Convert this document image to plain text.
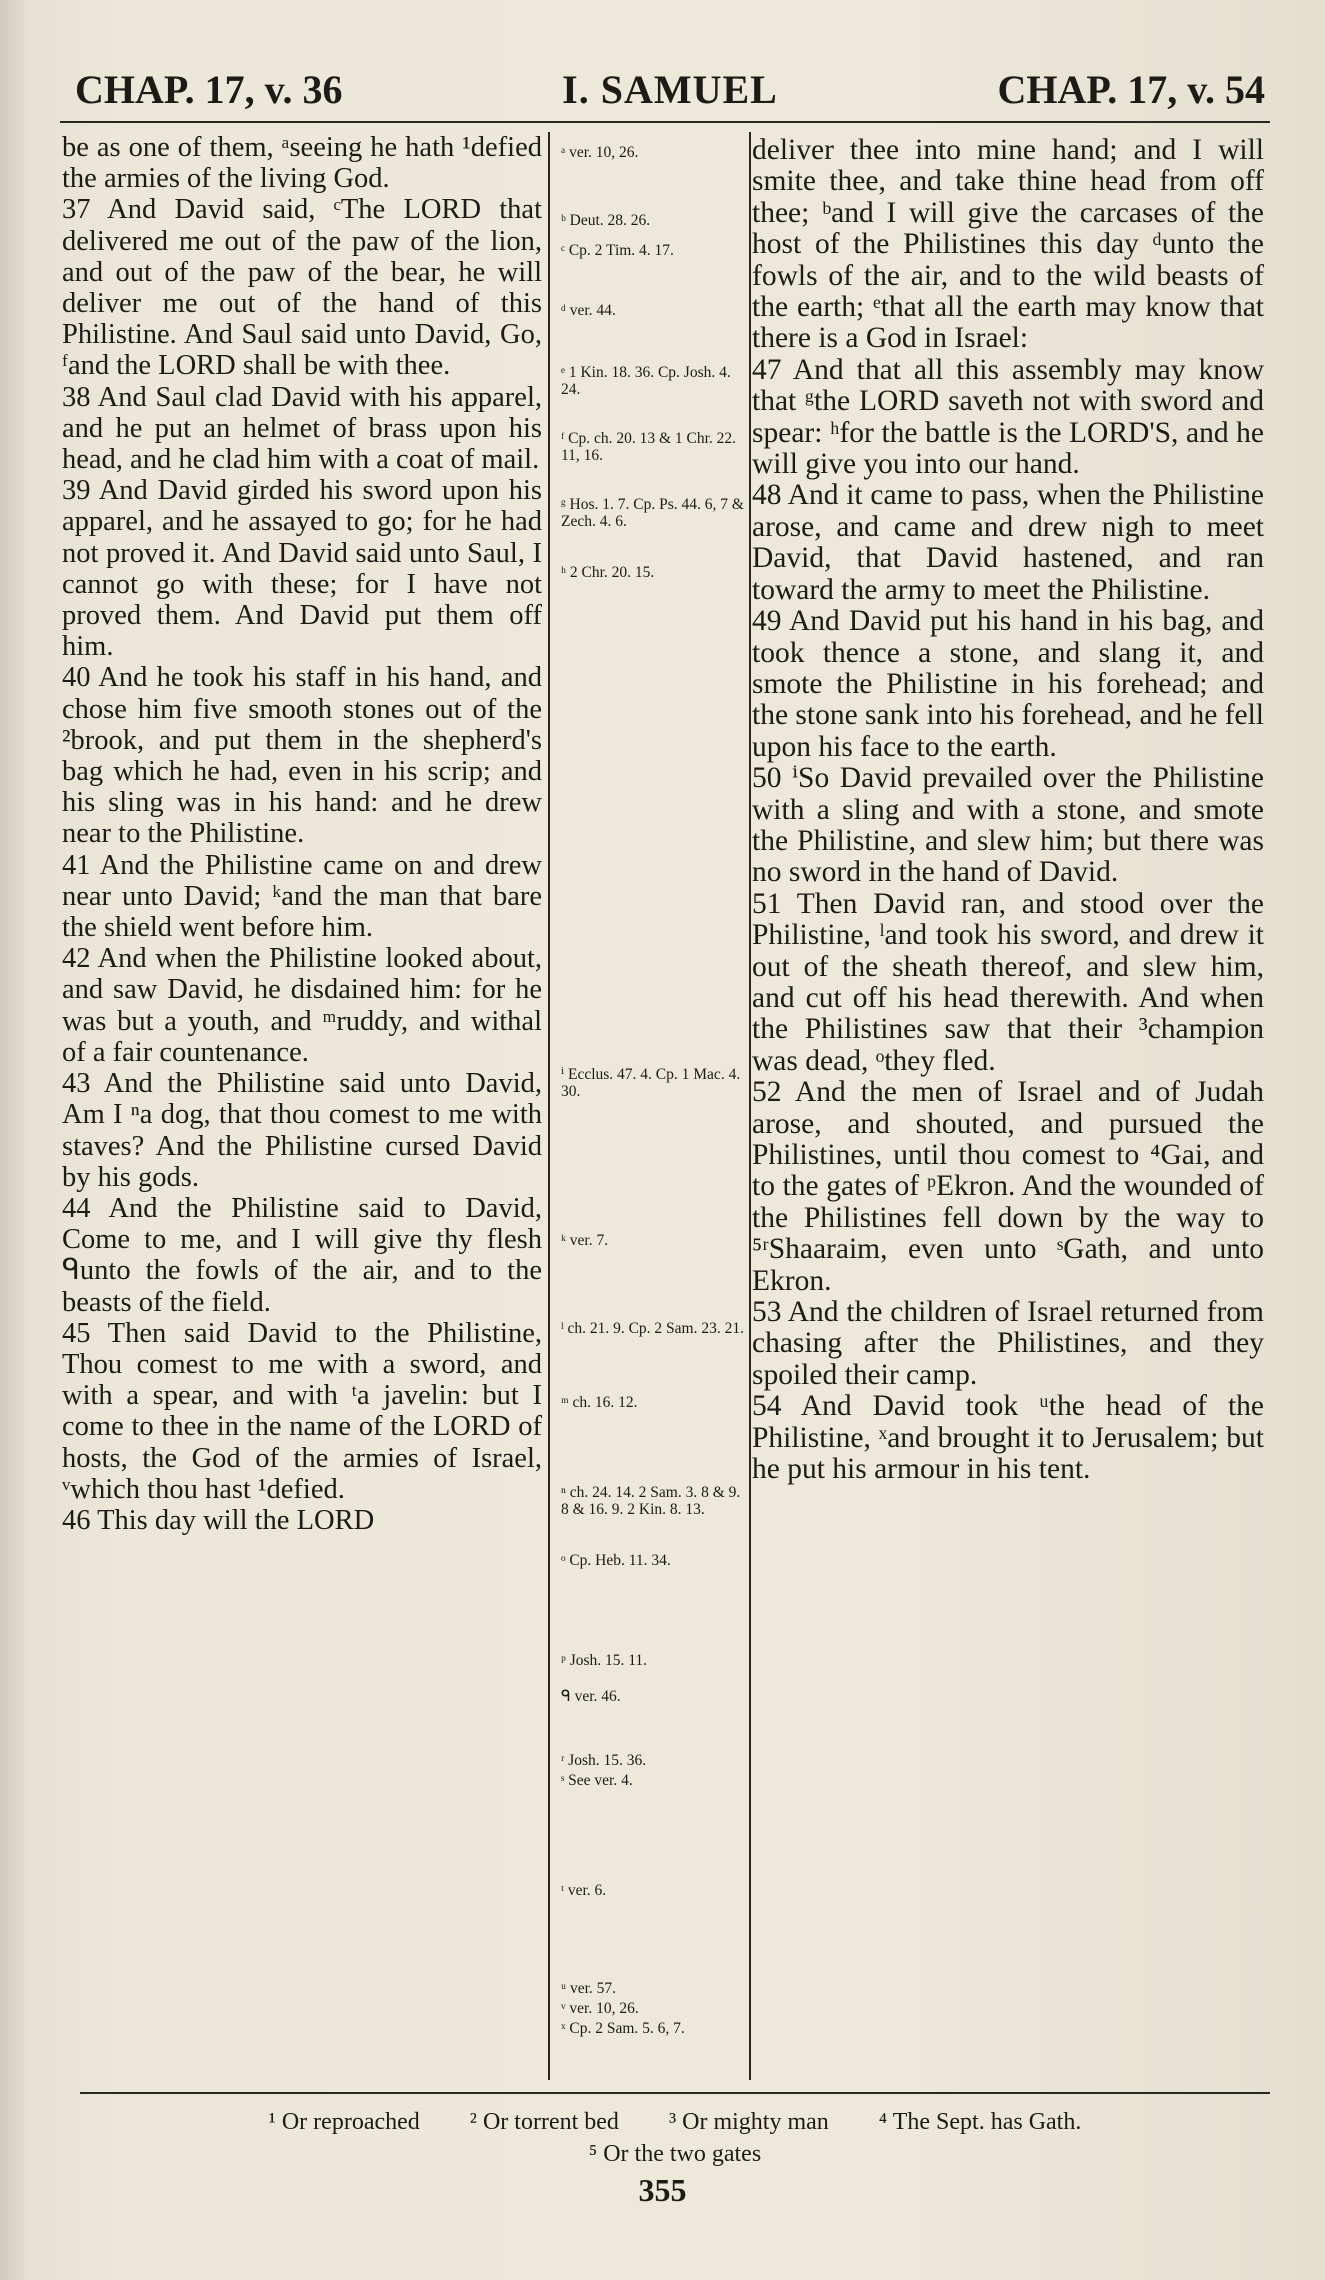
I. SAMUEL
CHAP. 17, v. 36	CHAP. 17, v. 54

be as one of them, ᵃseeing he hath ¹defied the armies of the living God.

37 And David said, ᶜThe LORD that delivered me out of the paw of the lion, and out of the paw of the bear, he will deliver me out of the hand of this Philistine. And Saul said unto David, Go, ᶠand the LORD shall be with thee.

38 And Saul clad David with his apparel, and he put an helmet of brass upon his head, and he clad him with a coat of mail.

39 And David girded his sword upon his apparel, and he assayed to go; for he had not proved it. And David said unto Saul, I cannot go with these; for I have not proved them. And David put them off him.

40 And he took his staff in his hand, and chose him five smooth stones out of the ²brook, and put them in the shepherd's bag which he had, even in his scrip; and his sling was in his hand: and he drew near to the Philistine.

41 And the Philistine came on and drew near unto David; ᵏand the man that bare the shield went before him.

42 And when the Philistine looked about, and saw David, he disdained him: for he was but a youth, and ᵐruddy, and withal of a fair countenance.

43 And the Philistine said unto David, Am I ⁿa dog, that thou comest to me with staves? And the Philistine cursed David by his gods.

44 And the Philistine said to David, Come to me, and I will give thy flesh ᑫunto the fowls of the air, and to the beasts of the field.

45 Then said David to the Philistine, Thou comest to me with a sword, and with a spear, and with ᵗa javelin: but I come to thee in the name of the LORD of hosts, the God of the armies of Israel, ᵛwhich thou hast ¹defied.

46 This day will the LORD

ᵃ ver. 10, 26.
ᵇ Deut. 28. 26.
ᶜ Cp. 2 Tim. 4. 17.
ᵈ ver. 44.
ᵉ 1 Kin. 18. 36. Cp. Josh. 4. 24.
ᶠ Cp. ch. 20. 13 & 1 Chr. 22. 11, 16.
ᵍ Hos. 1. 7. Cp. Ps. 44. 6, 7 & Zech. 4. 6.
ʰ 2 Chr. 20. 15.
ⁱ Ecclus. 47. 4. Cp. 1 Mac. 4. 30.
ᵏ ver. 7.
ˡ ch. 21. 9. Cp. 2 Sam. 23. 21.
ᵐ ch. 16. 12.
ⁿ ch. 24. 14. 2 Sam. 3. 8 & 9. 8 & 16. 9. 2 Kin. 8. 13.
ᵒ Cp. Heb. 11. 34.
ᵖ Josh. 15. 11.
ᑫ ver. 46.
ʳ Josh. 15. 36.
ˢ See ver. 4.
ᵗ ver. 6.
ᵘ ver. 57.
ᵛ ver. 10, 26.
ˣ Cp. 2 Sam. 5. 6, 7.

deliver thee into mine hand; and I will smite thee, and take thine head from off thee; ᵇand I will give the carcases of the host of the Philistines this day ᵈunto the fowls of the air, and to the wild beasts of the earth; ᵉthat all the earth may know that there is a God in Israel:

47 And that all this assembly may know that ᵍthe LORD saveth not with sword and spear: ʰfor the battle is the LORD'S, and he will give you into our hand.

48 And it came to pass, when the Philistine arose, and came and drew nigh to meet David, that David hastened, and ran toward the army to meet the Philistine.

49 And David put his hand in his bag, and took thence a stone, and slang it, and smote the Philistine in his forehead; and the stone sank into his forehead, and he fell upon his face to the earth.

50 ⁱSo David prevailed over the Philistine with a sling and with a stone, and smote the Philistine, and slew him; but there was no sword in the hand of David.

51 Then David ran, and stood over the Philistine, ˡand took his sword, and drew it out of the sheath thereof, and slew him, and cut off his head therewith. And when the Philistines saw that their ³champion was dead, ᵒthey fled.

52 And the men of Israel and of Judah arose, and shouted, and pursued the Philistines, until thou comest to ⁴Gai, and to the gates of ᵖEkron. And the wounded of the Philistines fell down by the way to ⁵ʳShaaraim, even unto ˢGath, and unto Ekron.

53 And the children of Israel returned from chasing after the Philistines, and they spoiled their camp.

54 And David took ᵘthe head of the Philistine, ˣand brought it to Jerusalem; but he put his armour in his tent.

¹ Or reproached ² Or torrent bed ³ Or mighty man ⁴ The Sept. has Gath.
⁵ Or the two gates
355
